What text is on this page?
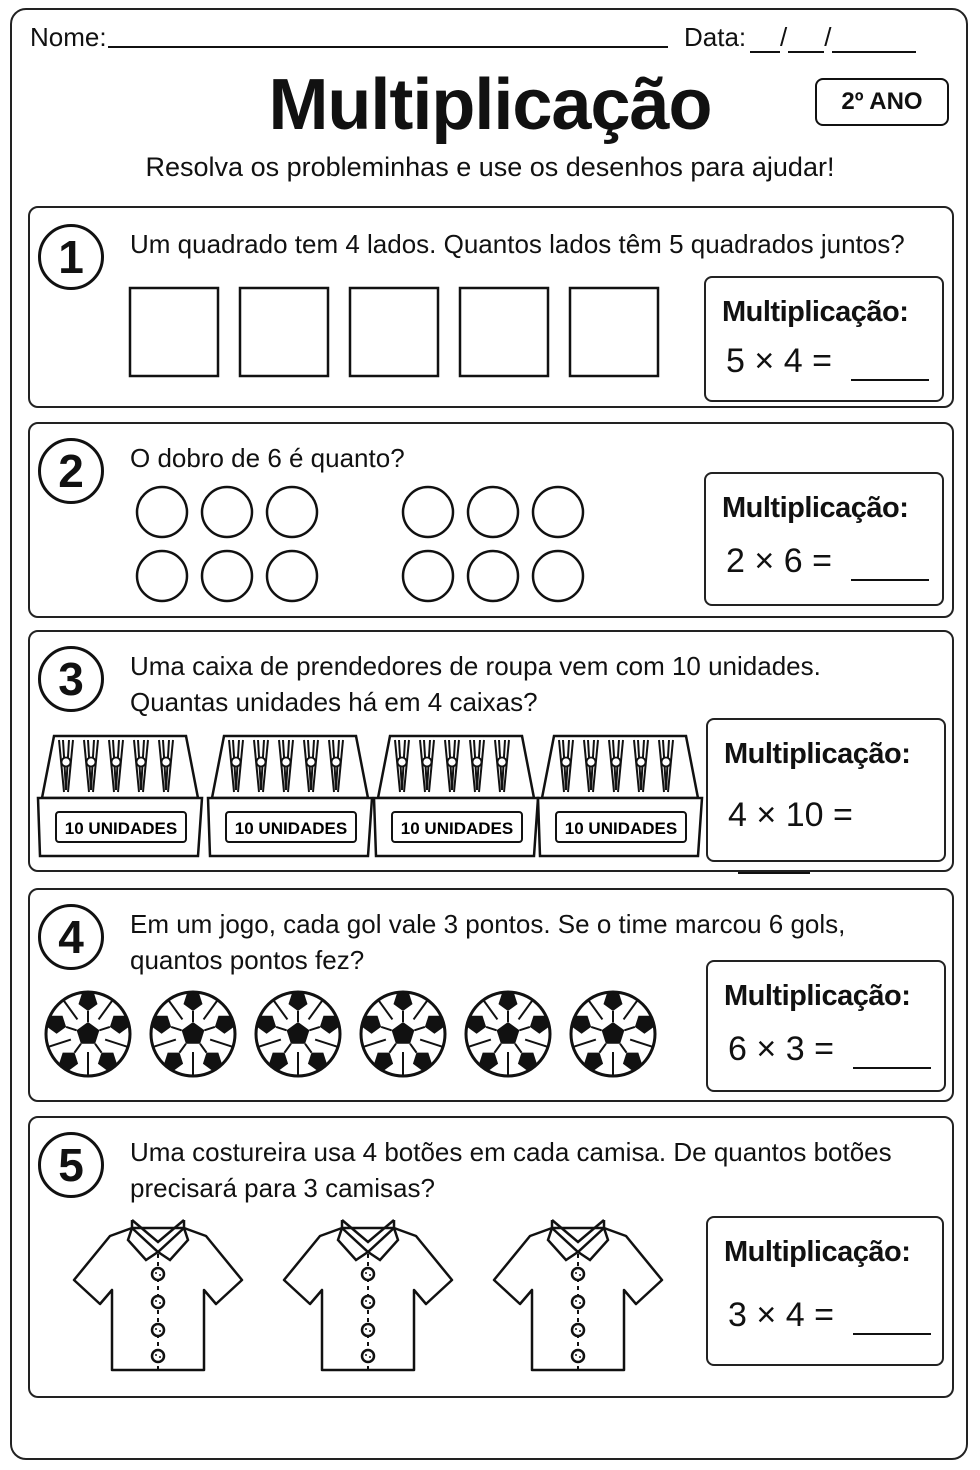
Nome:	Data:	/ /
Multiplicação	2º ANO
Resolva os probleminhas e use os desenhos para ajudar!
1	Um quadrado tem 4 lados. Quantos lados têm 5 quadrados juntos?
Multiplicação:
5 × 4 =
2	O dobro de 6 é quanto?
Multiplicação:
2 × 6 =
3	Uma caixa de prendedores de roupa vem com 10 unidades.
Quantas unidades há em 4 caixas?
10 UNIDADES	10 UNIDADES	10 UNIDADES	10 UNIDADES
Multiplicação:
4 × 10 =
4	Em um jogo, cada gol vale 3 pontos. Se o time marcou 6 gols,
quantos pontos fez?
Multiplicação:
6 × 3 =
5	Uma costureira usa 4 botões em cada camisa. De quantos botões
precisará para 3 camisas?
Multiplicação:
3 × 4 =
